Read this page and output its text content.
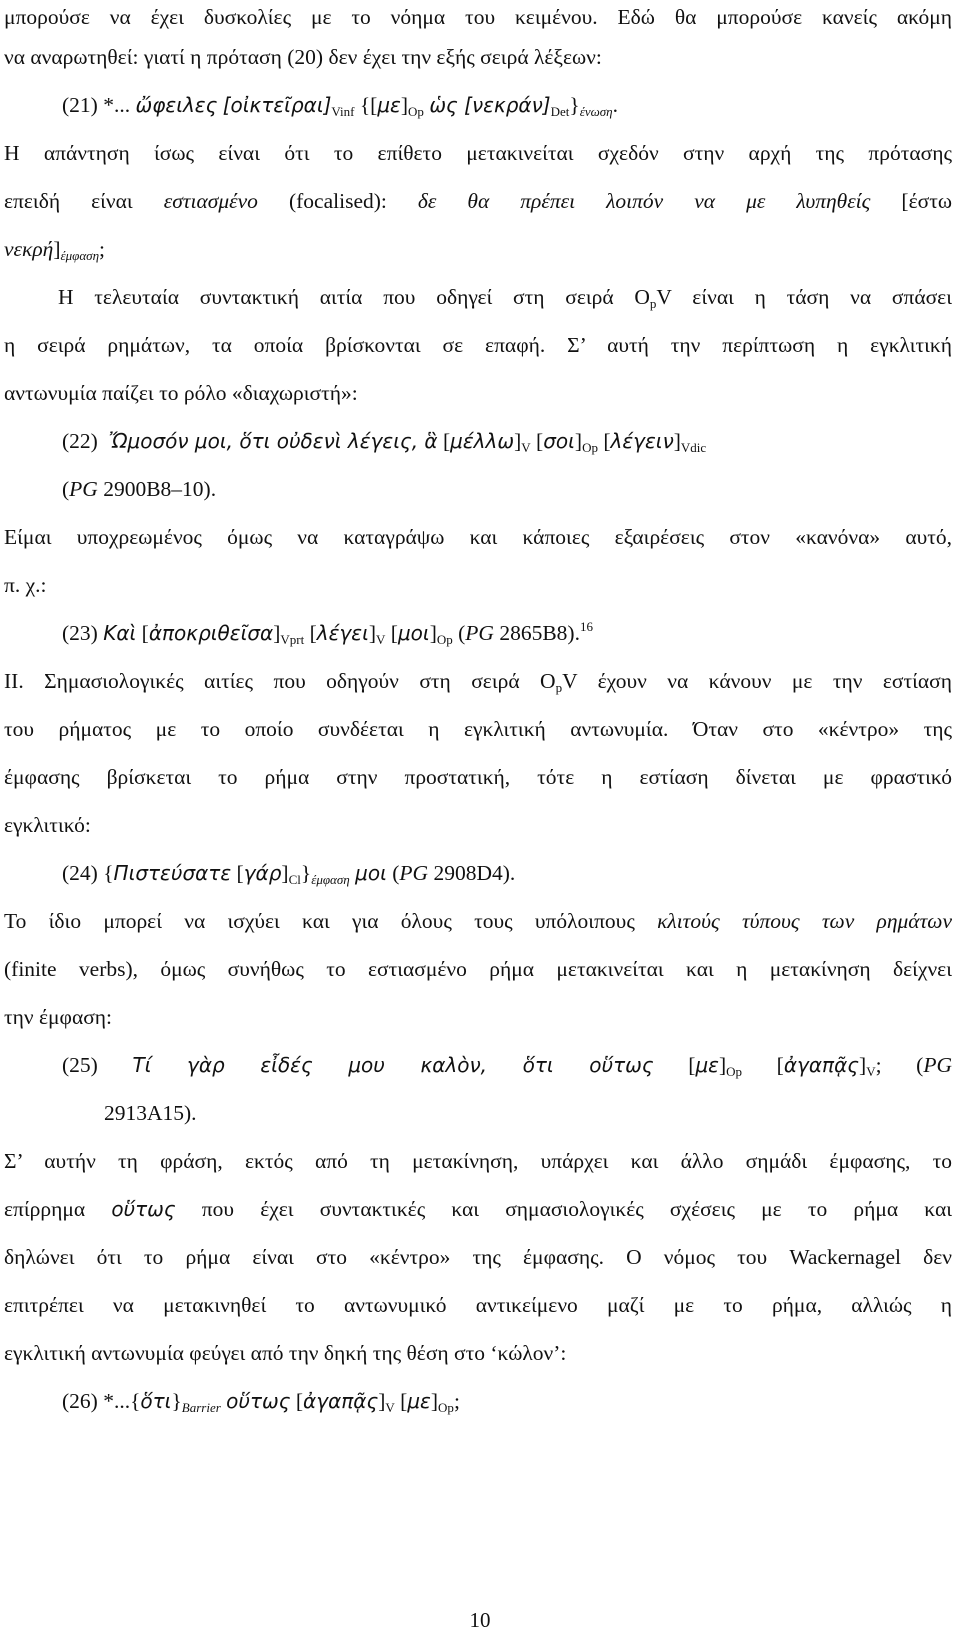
μπορούσε να έχει δυσκολίες με το νόημα του κειμένου. Εδώ θα μπορούσε κανείς ακόμη
να αναρωτηθεί: γιατί η πρόταση (20) δεν έχει την εξής σειρά λέξεων:
(21) *... ὤφειλες $[oἰ\kappa\tau\varepsilon ῖ\rho\alpha\iota]_{Vinf}$ {$[\mu\varepsilon]_{Op}$ ὡς $[\nu\varepsilon\kappa\rho ά\nu]_{Det}\}_{έ\nu\omega\sigma\eta}$.
Η απάντηση ίσως είναι ότι το επίθετο μετακινείται σχεδόν στην αρχή της πρότασης
επειδή είναι εστιασμένο (focalised): δε θα πρέπει λοιπόν να με λυπηθείς [έστω
$\nu\varepsilon\kappa\rho ή]_{έ\mu\varphi\alpha\sigma\eta}$;
Η τελευταία συντακτική αιτία που οδηγεί στη σειρά $O_pV$ είναι η τάση να σπάσει
η σειρά ρημάτων, τα οποία βρίσκονται σε επαφή. Σ’ αυτή την περίπτωση η εγκλιτική
αντωνυμία παίζει το ρόλο «διαχωριστή»:
(22) Ὤμοσόν μοι, ὅτι οὐδενὶ λέγεις, ἃ $[\mu έ\lambda\lambda\omega]_V$ $[\sigma o\iota]_{Op}$ $[\lambda έ\gamma\varepsilon\iota\nu]_{Vdic}$
(PG 2900B8–10).
Είμαι υποχρεωμένος όμως να καταγράψω και κάποιες εξαιρέσεις στον «κανόνα» αυτό,
π. χ.:
(23) Καὶ $[ἀ\pi o\kappa\rho\iota\theta\varepsilon ῖ\sigma\alpha]_{Vprt}$ $[\lambda έ\gamma\varepsilon\iota]_V$ $[\mu o\iota]_{Op}$ (PG 2865B8).$^{16}$
II. Σημασιολογικές αιτίες που οδηγούν στη σειρά $O_pV$ έχουν να κάνουν με την εστίαση
του ρήματος με το οποίο συνδέεται η εγκλιτική αντωνυμία. Όταν στο «κέντρο» της
έμφασης βρίσκεται το ρήμα στην προστατική, τότε η εστίαση δίνεται με φραστικό
εγκλιτικό:
(24) {Πιστεύσατε $[\gamma ά\rho]_{Cl}\}_{έ\mu\varphi\alpha\sigma\eta}$ μοι (PG 2908D4).
Το ίδιο μπορεί να ισχύει και για όλους τους υπόλοιπους κλιτούς τύπους των ρημάτων
(finite verbs), όμως συνήθως το εστιασμένο ρήμα μετακινείται και η μετακίνηση δείχνει
την έμφαση:
(25) Τί γὰρ εἶδές μου καλὸν, ὅτι οὕτως $[\mu\varepsilon]_{Op}$ $[ἀ\gamma\alpha\pi ᾷ\varsigma]_V$; (PG
2913A15).
Σ’ αυτήν τη φράση, εκτός από τη μετακίνηση, υπάρχει και άλλο σημάδι έμφασης, το
επίρρημα οὕτως που έχει συντακτικές και σημασιολογικές σχέσεις με το ρήμα και
δηλώνει ότι το ρήμα είναι στο «κέντρο» της έμφασης. Ο νόμος του Wackernagel δεν
επιτρέπει να μετακινηθεί το αντωνυμικό αντικείμενο μαζί με το ρήμα, αλλιώς η
εγκλιτική αντωνυμία φεύγει από την δηκή της θέση στο ‘κώλον’:
(26) $*...\{ὅ\tau\iota\}_{Barrier}$ οὕτως $[ἀ\gamma\alpha\pi ᾷ\varsigma]_V$ $[\mu\varepsilon]_{Op}$;
10
